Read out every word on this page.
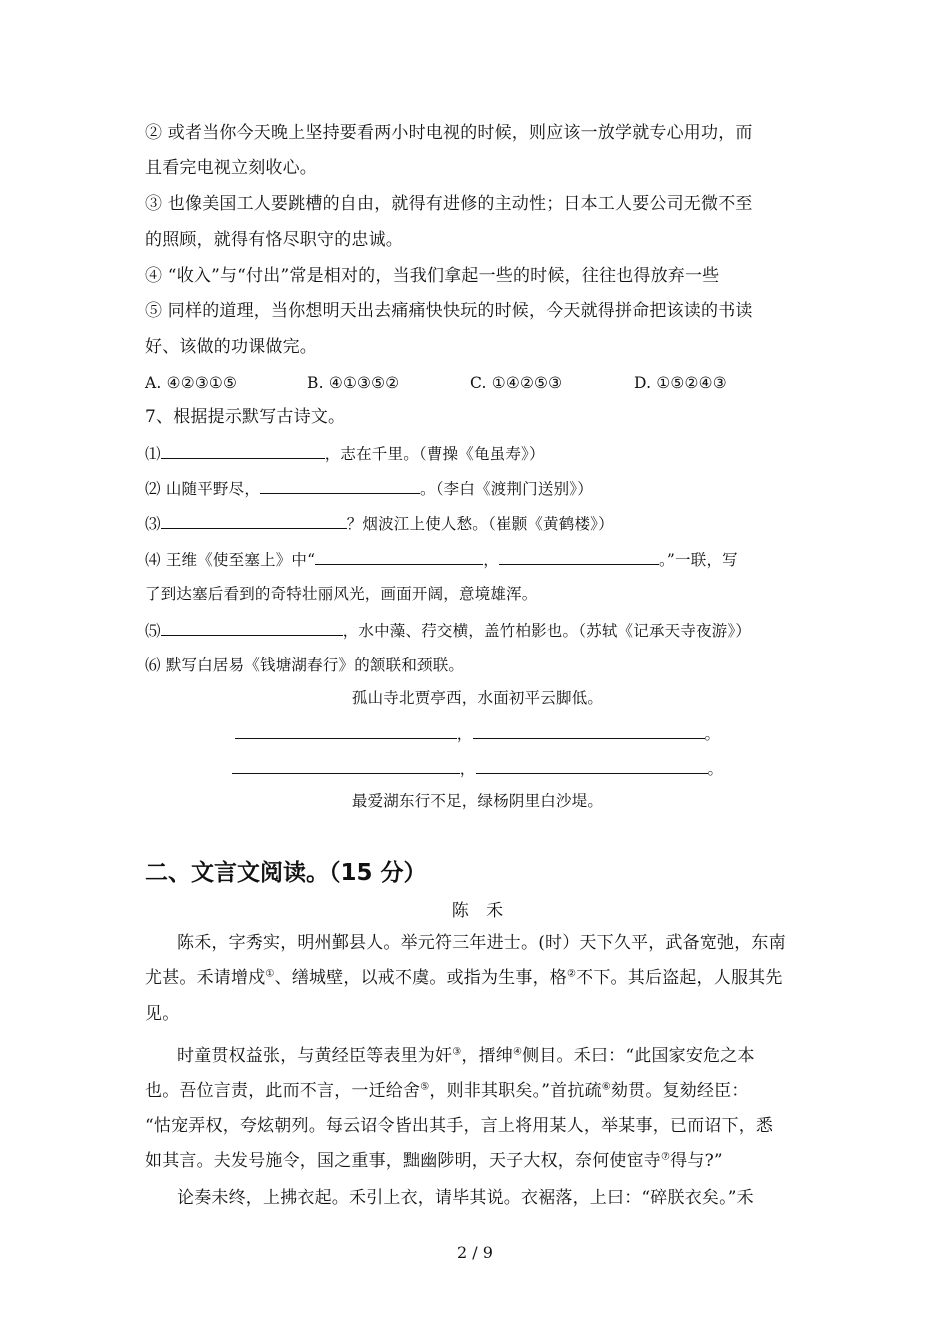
② 或者当你今天晚上坚持要看两小时电视的时候，则应该一放学就专心用功，而
且看完电视立刻收心。
③ 也像美国工人要跳槽的自由，就得有进修的主动性；日本工人要公司无微不至
的照顾，就得有恪尽职守的忠诚。
④ “收入”与“付出”常是相对的，当我们拿起一些的时候，往往也得放弃一些
⑤ 同样的道理，当你想明天出去痛痛快快玩的时候，今天就得拼命把该读的书读
好、该做的功课做完。
A. ④②③①⑤	B. ④①③⑤②	C. ①④②⑤③	D. ①⑤②④③
7、根据提示默写古诗文。
⑴	，志在千里。（曹操《龟虽寿》）
⑵ 山随平野尽，	。（李白《渡荆门送别》）
⑶	？烟波江上使人愁。（崔颢《黄鹤楼》）
⑷ 王维《使至塞上》中“	，	。”一联，写
了到达塞后看到的奇特壮丽风光，画面开阔，意境雄浑。
⑸	，水中藻、荇交横，盖竹柏影也。（苏轼《记承天寺夜游》）
⑹ 默写白居易《钱塘湖春行》的颔联和颈联。
孤山寺北贾亭西，水面初平云脚低。
，	。
，	。
最爱湖东行不足，绿杨阴里白沙堤。
二、文言文阅读。（15 分）
陈　禾
陈禾，字秀实，明州鄞县人。举元符三年进士。(时）天下久平，武备宽弛，东南
尤甚。禾请增戍①、缮城壁，以戒不虞。或指为生事，格②不下。其后盗起，人服其先
见。
时童贯权益张，与黄经臣等表里为奸③，搢绅④侧目。禾曰：“此国家安危之本
也。吾位言责，此而不言，一迁给舍⑤，则非其职矣。”首抗疏⑥劾贯。复劾经臣：
“怙宠弄权，夸炫朝列。每云诏令皆出其手，言上将用某人，举某事，已而诏下，悉
如其言。夫发号施令，国之重事，黜幽陟明，天子大权，奈何使宦寺⑦得与?”
论奏未终，上拂衣起。禾引上衣，请毕其说。衣裾落，上曰：“碎朕衣矣。”禾
2 / 9
